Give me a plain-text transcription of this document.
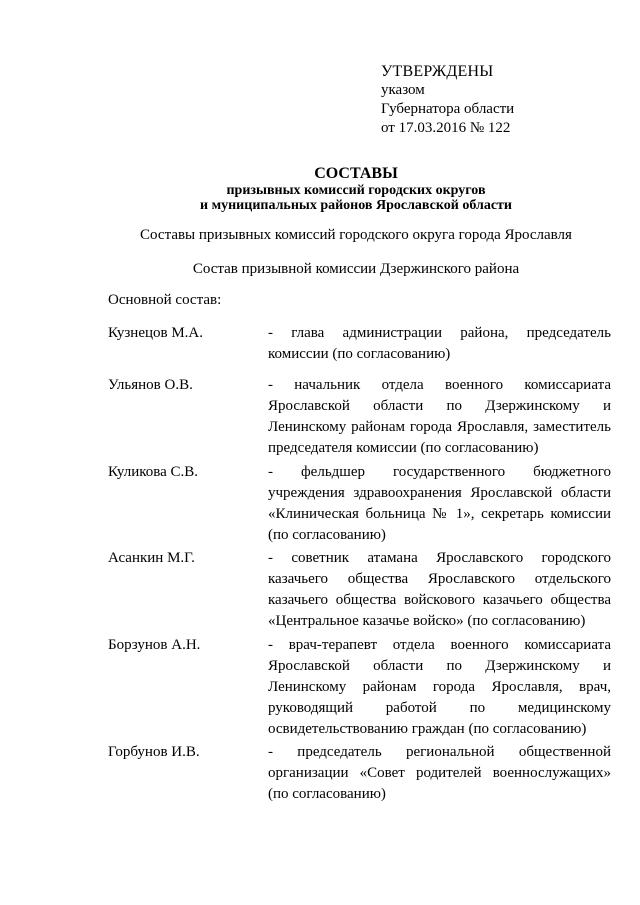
УТВЕРЖДЕНЫ
указом
Губернатора области
от 17.03.2016 № 122
СОСТАВЫ
призывных комиссий городских округов
и муниципальных районов Ярославской области
Составы призывных комиссий городского округа города Ярославля
Состав призывной комиссии Дзержинского района
Основной состав:
Кузнецов М.А.	- глава администрации района, председатель комиссии (по согласованию)
Ульянов О.В.	- начальник отдела военного комиссариата Ярославской области по Дзержинскому и Ленинскому районам города Ярославля, заместитель председателя комиссии (по согласованию)
Куликова С.В.	- фельдшер государственного бюджетного учреждения здравоохранения Ярославской области «Клиническая больница № 1», секретарь комиссии (по согласованию)
Асанкин М.Г.	- советник атамана Ярославского городского казачьего общества Ярославского отдельского казачьего общества войскового казачьего общества «Центральное казачье войско» (по согласованию)
Борзунов А.Н.	- врач-терапевт отдела военного комиссариата Ярославской области по Дзержинскому и Ленинскому районам города Ярославля, врач, руководящий работой по медицинскому освидетельствованию граждан (по согласованию)
Горбунов И.В.	- председатель региональной общественной организации «Совет родителей военнослужащих» (по согласованию)
